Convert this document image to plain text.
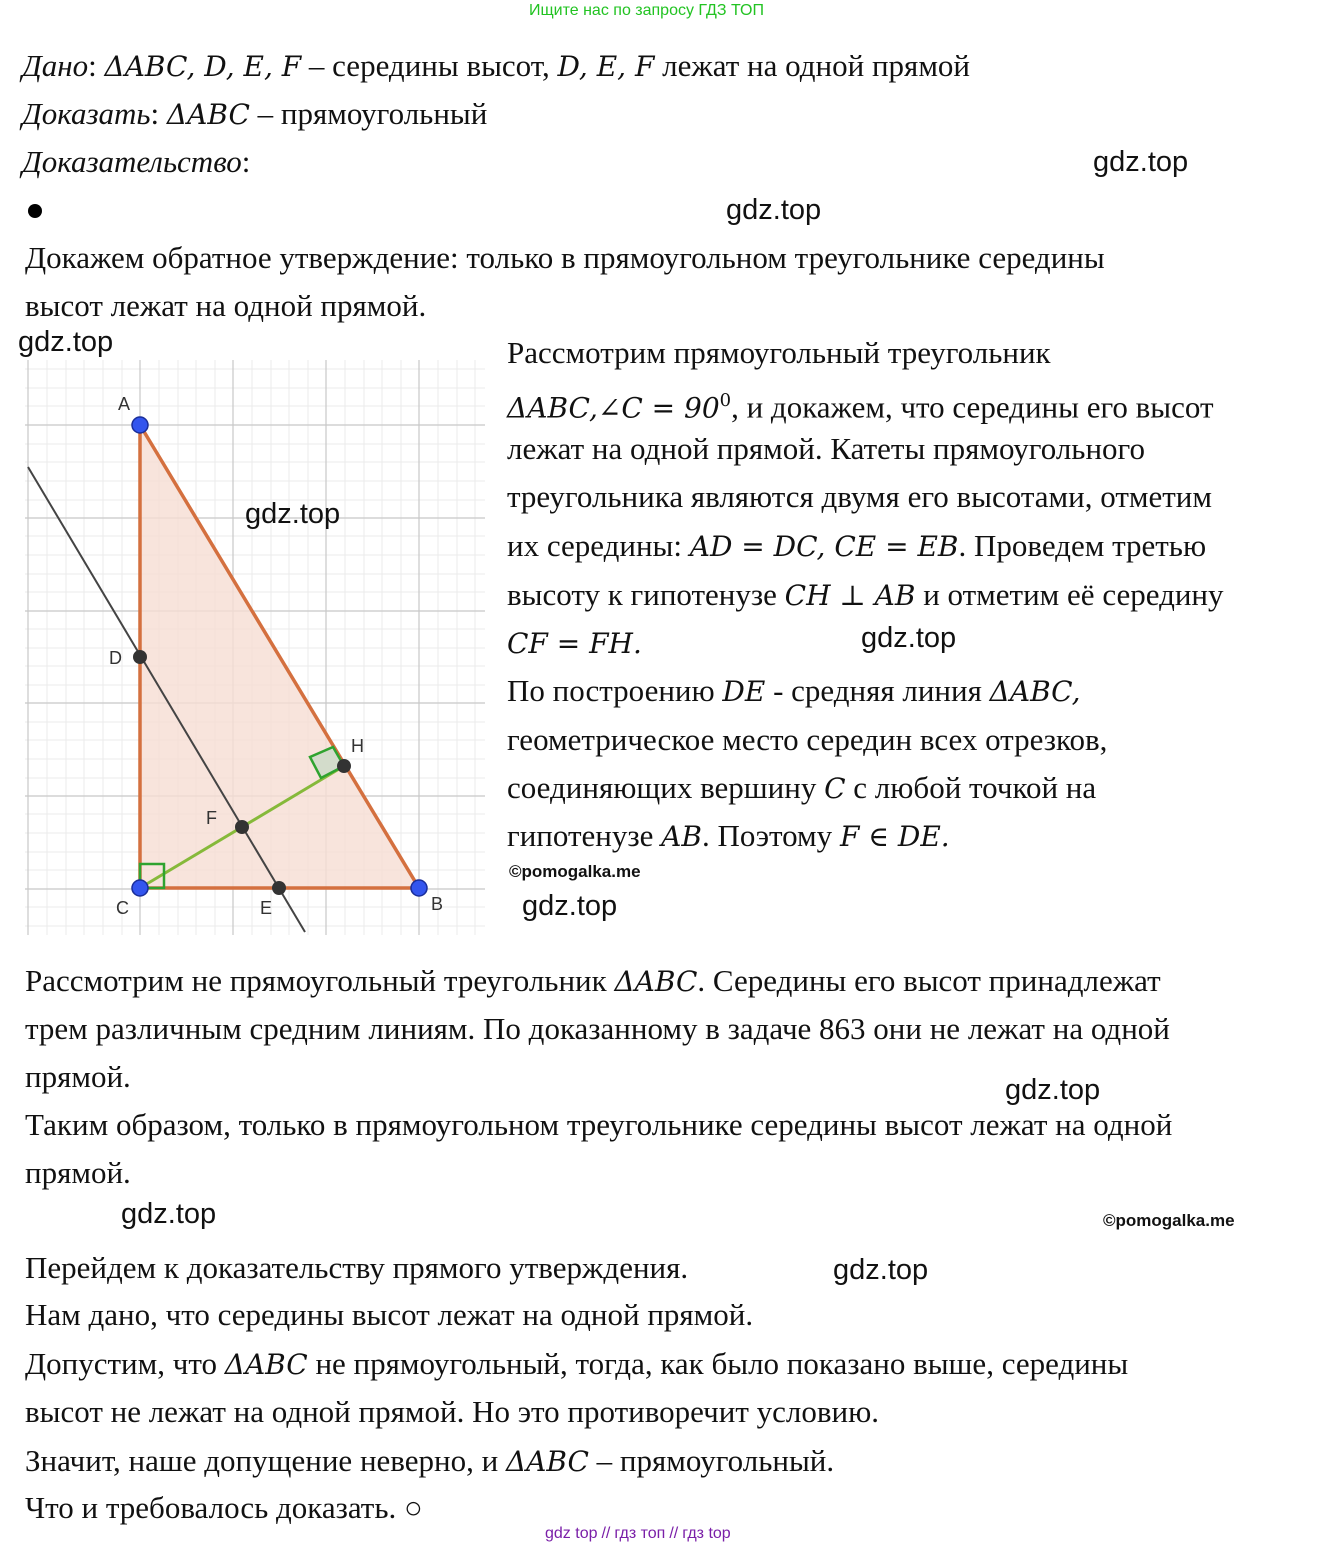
Ищите нас по запросу ГДЗ ТОП
Дано: ΔABC, D, E, F – середины высот, D, E, F лежат на одной прямой
Доказать: ΔABC – прямоугольный
Доказательство:	gdz.top
gdz.top
Докажем обратное утверждение: только в прямоугольном треугольнике середины
высот лежат на одной прямой.
gdz.top
A
B
C
D
E
F
H
gdz.top
Рассмотрим прямоугольный треугольник
ΔABC,∠C = $90^0$, и докажем, что середины его высот
лежат на одной прямой. Катеты прямоугольного
треугольника являются двумя его высотами, отметим
их середины: AD = DC, CE = EB. Проведем третью
высоту к гипотенузе CH ⊥ AB и отметим её середину
CF = FH.	gdz.top
По построению DE - средняя линия ΔABC,
геометрическое место середин всех отрезков,
соединяющих вершину C с любой точкой на
гипотенузе AB. Поэтому F ∈ DE.
©pomogalka.me
gdz.top
Рассмотрим не прямоугольный треугольник ΔABC. Середины его высот принадлежат
трем различным средним линиям. По доказанному в задаче 863 они не лежат на одной
прямой.	gdz.top
Таким образом, только в прямоугольном треугольнике середины высот лежат на одной
прямой.
gdz.top	©pomogalka.me
Перейдем к доказательству прямого утверждения.	gdz.top
Нам дано, что середины высот лежат на одной прямой.
Допустим, что ΔABC не прямоугольный, тогда, как было показано выше, середины
высот не лежат на одной прямой. Но это противоречит условию.
Значит, наше допущение неверно, и ΔABC – прямоугольный.
Что и требовалось доказать. ○
gdz top // гдз топ // гдз top
